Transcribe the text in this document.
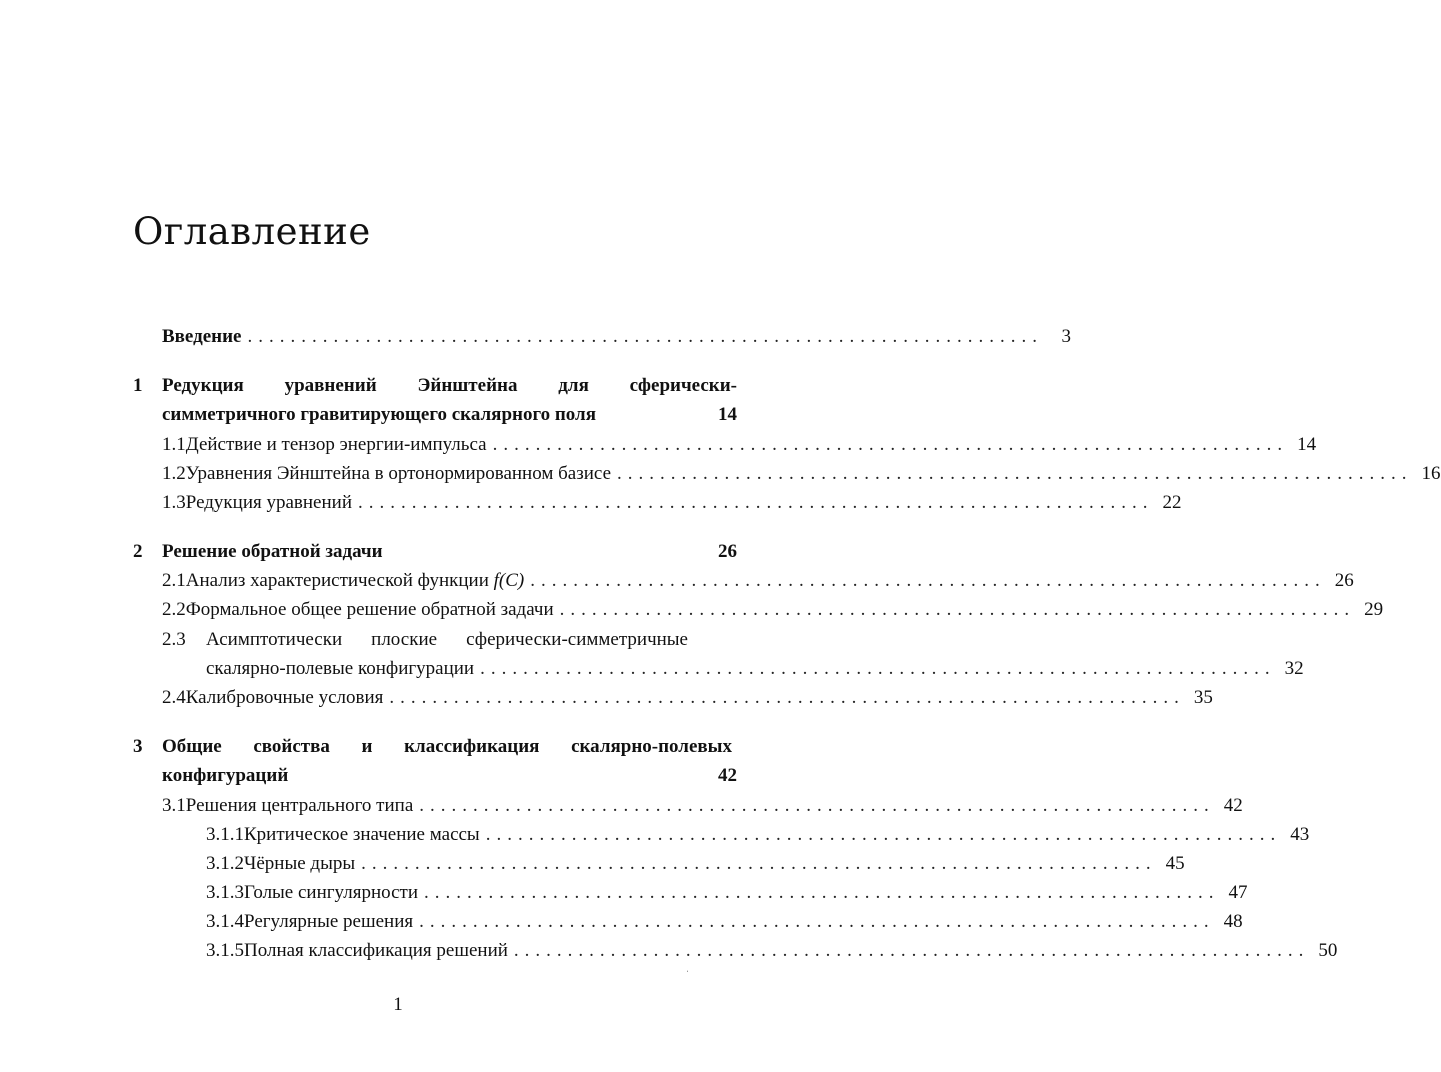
Оглавление
Введение .......................................................................... 3
1 Редукция уравнений Эйнштейна для сферически-
симметричного гравитирующего скалярного поля	14
1.1 Действие и тензор энергии-импульса .......................................................................... 14
1.2 Уравнения Эйнштейна в ортонормированном базисе .......................................................................... 16
1.3 Редукция уравнений .......................................................................... 22
2 Решение обратной задачи	26
2.1 Анализ характеристической функции f(C) .......................................................................... 26
2.2 Формальное общее решение обратной задачи .......................................................................... 29
2.3 Асимптотически плоские сферически-симметричные
скалярно-полевые конфигурации .......................................................................... 32
2.4 Калибровочные условия .......................................................................... 35
3 Общие свойства и классификация скалярно-полевых
конфигураций	42
3.1 Решения центрального типа .......................................................................... 42
3.1.1 Критическое значение массы .......................................................................... 43
3.1.2 Чёрные дыры .......................................................................... 45
3.1.3 Голые сингулярности .......................................................................... 47
3.1.4 Регулярные решения .......................................................................... 48
3.1.5 Полная классификация решений .......................................................................... 50
ˌ
1
